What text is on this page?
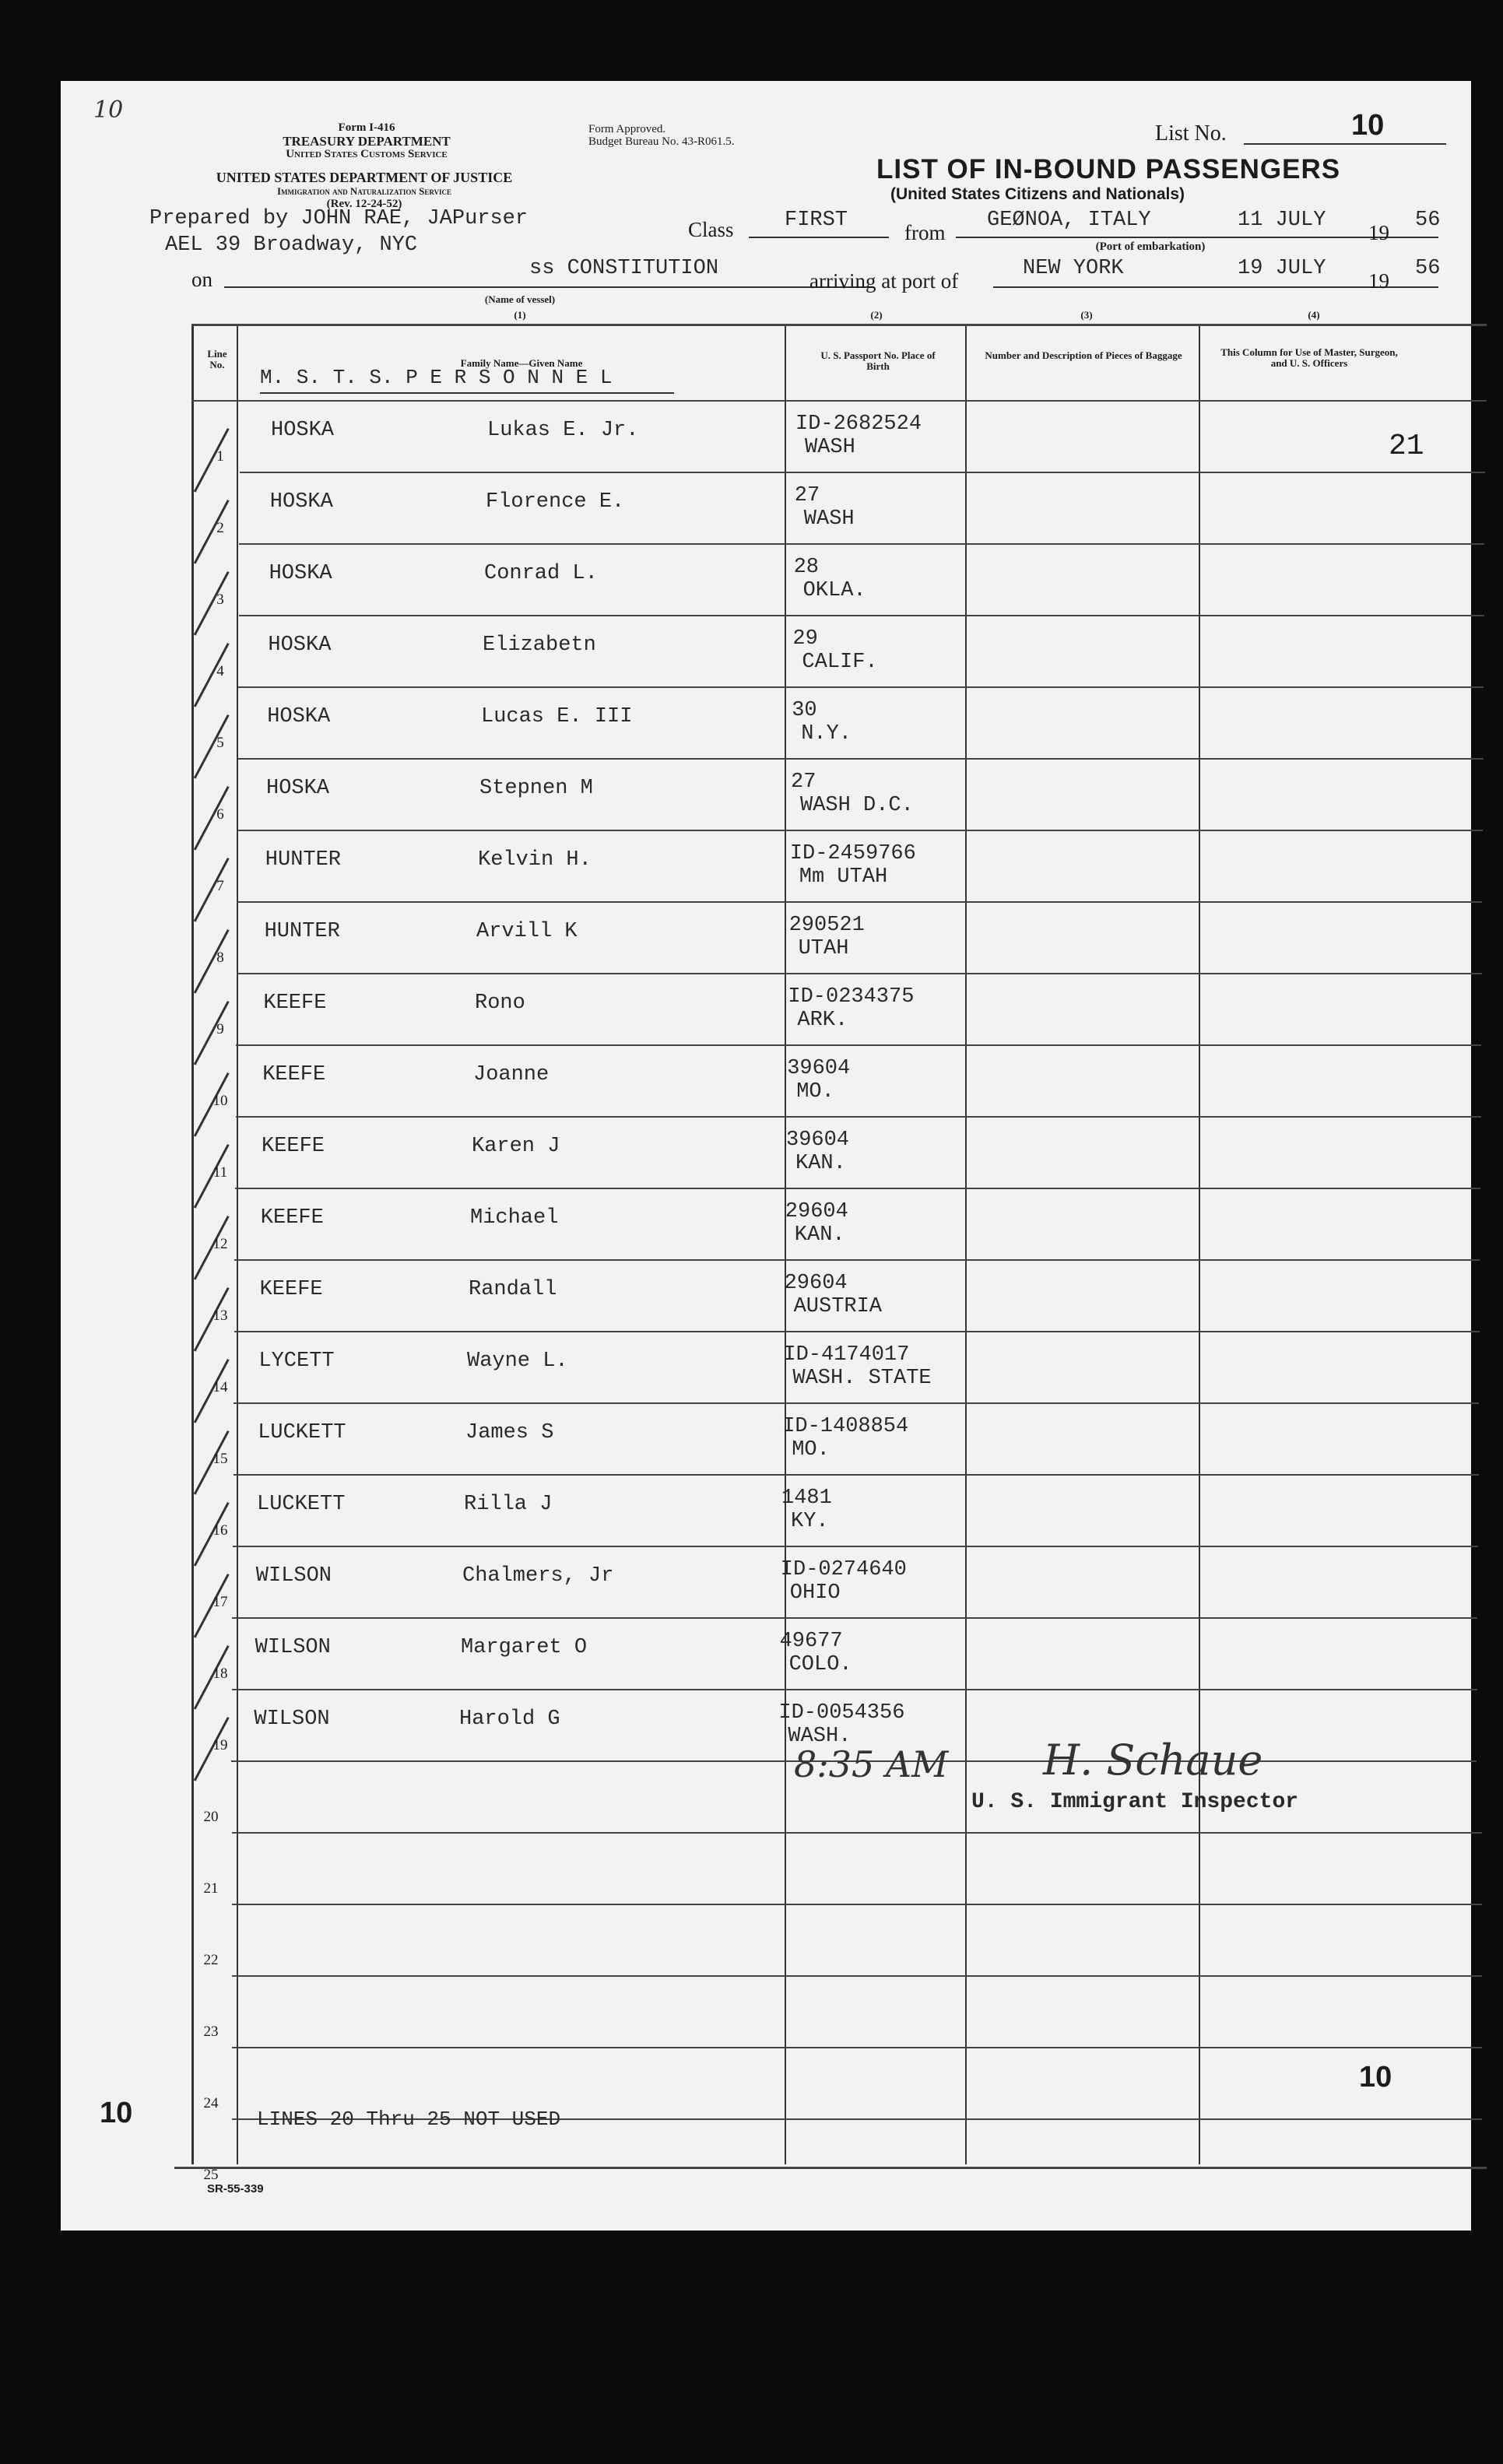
10
Form I-416
TREASURY DEPARTMENT
United States Customs Service
UNITED STATES DEPARTMENT OF JUSTICE
Immigration and Naturalization Service
(Rev. 12-24-52)
Form Approved.
Budget Bureau No. 43-R061.5.	List No.	10
LIST OF IN-BOUND PASSENGERS
(United States Citizens and Nationals)
Prepared by JOHN RAE, JAPurser
AEL 39 Broadway, NYC
Class FIRST
from
GEØNOA, ITALY	11 JULY
19
56
(Port of embarkation)
on	ss CONSTITUTION
(Name of vessel)
(1)
arriving at port of
NEW YORK	19 JULY
19
56
(2)	(3)	(4)
Line No.	Family Name—Given Name
M. S. T. S. P E R S O N N E L
U. S. Passport No. Place of Birth
Number and Description of Pieces of Baggage	This Column for Use of Master, Surgeon, and U. S. Officers
1
HOSKA	Lukas E. Jr.	ID-2682524
WASH
2
HOSKA	Florence E.	27
WASH
3
HOSKA	Conrad L.	28
OKLA.
4
HOSKA	Elizabetn	29
CALIF.
5
HOSKA	Lucas E. III	30
N.Y.
6
HOSKA	Stepnen M	27
WASH D.C.
7
HUNTER	Kelvin H.	ID-2459766
Mm UTAH
8
HUNTER	Arvill K	290521
UTAH
9
KEEFE	Rono	ID-0234375
ARK.
10
KEEFE	Joanne	39604
MO.
11
KEEFE	Karen J	39604
KAN.
12
KEEFE	Michael	29604
KAN.
13
KEEFE	Randall	29604
AUSTRIA
14
LYCETT	Wayne L.	ID-4174017
WASH. STATE
15
LUCKETT	James S	ID-1408854
MO.
16
LUCKETT	Rilla J	1481
KY.
17
WILSON	Chalmers, Jr	ID-0274640
OHIO
18
WILSON	Margaret O	49677
COLO.
19
WILSON	Harold G	ID-0054356
WASH.
20
21
22
23
24
25
21
8:35 AM H. Schaue
U. S. Immigrant Inspector
LINES 20 Thru 25 NOT USED
10
10
SR-55-339
